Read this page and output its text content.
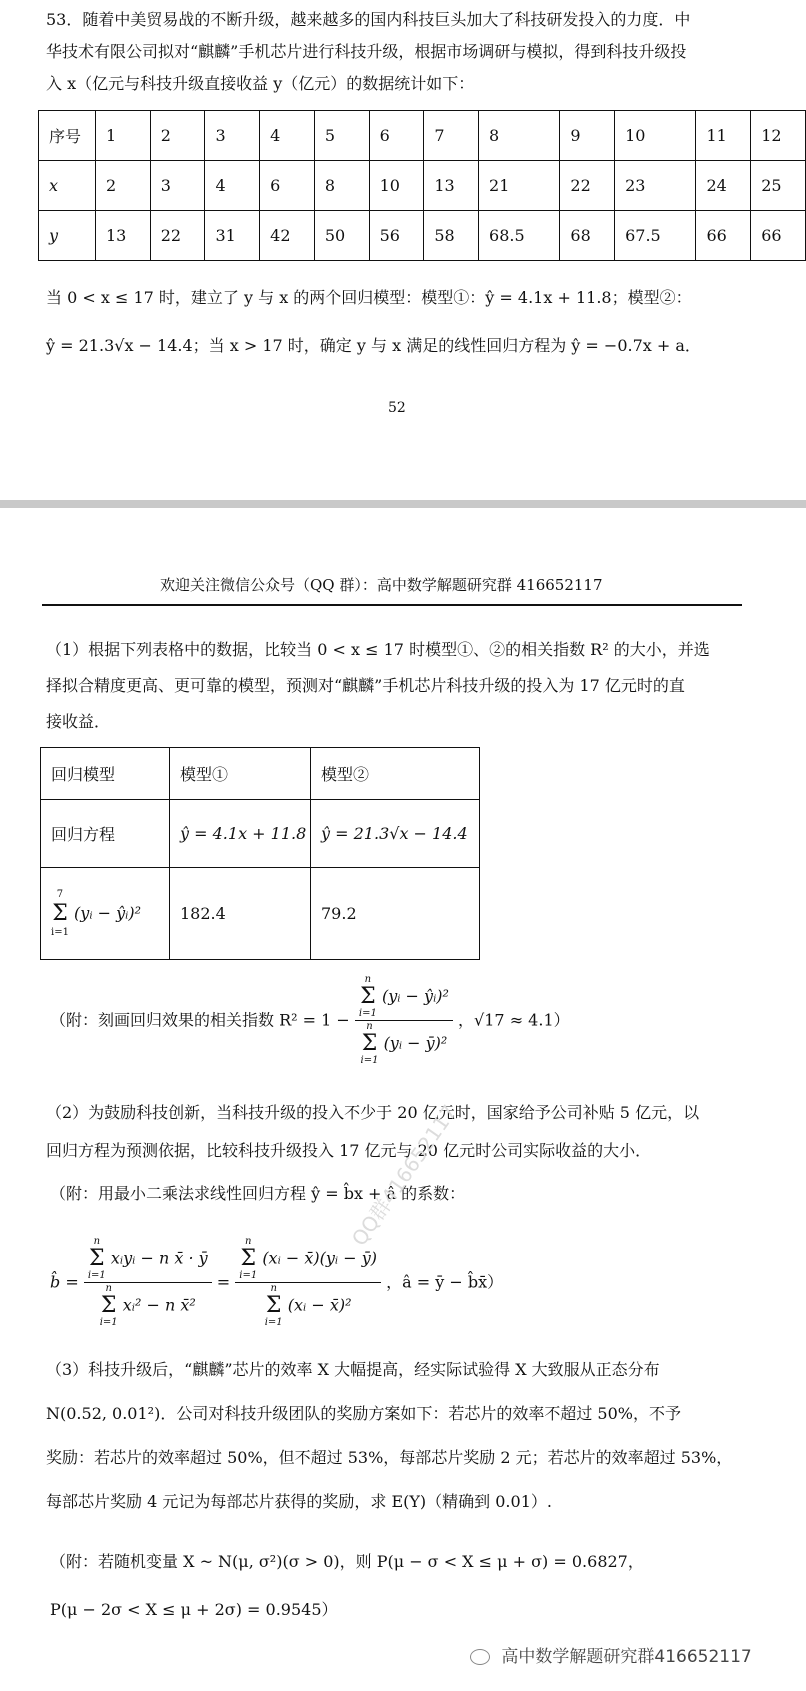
53．随着中美贸易战的不断升级，越来越多的国内科技巨头加大了科技研发投入的力度．中
华技术有限公司拟对“麒麟”手机芯片进行科技升级，根据市场调研与模拟，得到科技升级投
入 x（亿元与科技升级直接收益 y（亿元）的数据统计如下：
序号	1	2	3	4	5	6	7	8	9	10	11	12
x	2	3	4	6	8	10	13	21	22	23	24	25
y	13	22	31	42	50	56	58	68.5	68	67.5	66	66
当 0 < x ≤ 17 时，建立了 y 与 x 的两个回归模型：模型①：ŷ = 4.1x + 11.8；模型②：
ŷ = 21.3√x − 14.4；当 x > 17 时，确定 y 与 x 满足的线性回归方程为 ŷ = −0.7x + a．
52
欢迎关注微信公众号（QQ 群）：高中数学解题研究群 416652117
（1）根据下列表格中的数据，比较当 0 < x ≤ 17 时模型①、②的相关指数 R² 的大小，并选
择拟合精度更高、更可靠的模型，预测对“麒麟”手机芯片科技升级的投入为 17 亿元时的直
接收益．
回归模型	模型①	模型②
回归方程	ŷ = 4.1x + 11.8	ŷ = 21.3√x − 14.4

7
Σ
i=1
(yᵢ − ŷᵢ)²	182.4	79.2
（附：刻画回归效果的相关指数 R² = 1 − n
Σ
i=1
(yᵢ − ŷᵢ)²
n
Σ
i=1
(yᵢ − ȳ)² ，√17 ≈ 4.1）
（2）为鼓励科技创新，当科技升级的投入不少于 20 亿元时，国家给予公司补贴 5 亿元，以
回归方程为预测依据，比较科技升级投入 17 亿元与 20 亿元时公司实际收益的大小．
（附：用最小二乘法求线性回归方程 ŷ = b̂x + â 的系数：
b̂ = n
Σ
i=1
xᵢyᵢ − n x̄ · ȳ
n
Σ
i=1
xᵢ² − n x̄² = n
Σ
i=1
(xᵢ − x̄)(yᵢ − ȳ)
n
Σ
i=1
(xᵢ − x̄)² ，â = ȳ − b̂x̄）
（3）科技升级后，“麒麟”芯片的效率 X 大幅提高，经实际试验得 X 大致服从正态分布
N(0.52, 0.01²)．公司对科技升级团队的奖励方案如下：若芯片的效率不超过 50%，不予
奖励：若芯片的效率超过 50%，但不超过 53%，每部芯片奖励 2 元；若芯片的效率超过 53%，
每部芯片奖励 4 元记为每部芯片获得的奖励，求 E(Y)（精确到 0.01）.
（附：若随机变量 X ~ N(μ, σ²)(σ > 0)，则 P(μ − σ < X ≤ μ + σ) = 0.6827，
P(μ − 2σ < X ≤ μ + 2σ) = 0.9545）
QQ群416652117
高中数学解题研究群416652117
